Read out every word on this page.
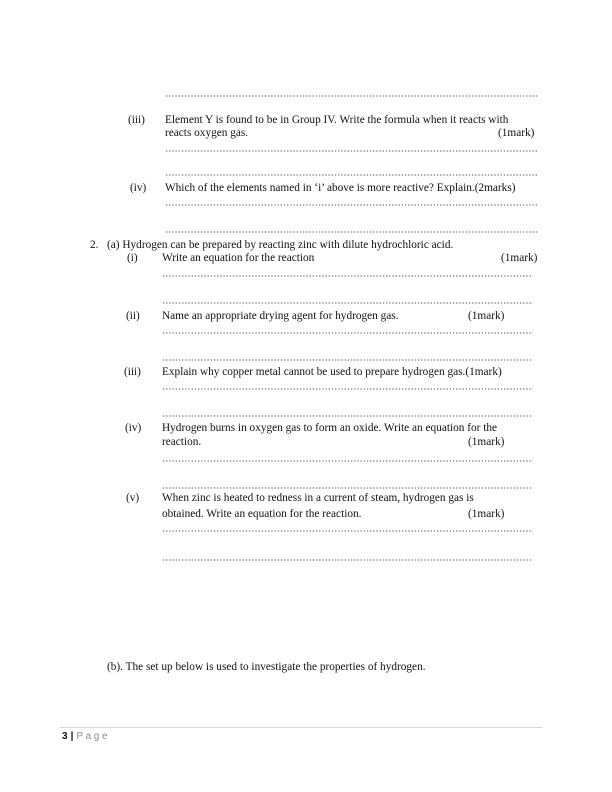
(iii) Element Y is found to be in Group IV. Write the formula when it reacts with
reacts oxygen gas.	(1mark)
(iv) Which of the elements named in ‘i’ above is more reactive? Explain.(2marks)
2. (a) Hydrogen can be prepared by reacting zinc with dilute hydrochloric acid.
(i) Write an equation for the reaction	(1mark)
(ii) Name an appropriate drying agent for hydrogen gas.	(1mark)
(iii) Explain why copper metal cannot be used to prepare hydrogen gas.(1mark)
(iv) Hydrogen burns in oxygen gas to form an oxide. Write an equation for the
reaction.	(1mark)
(v) When zinc is heated to redness in a current of steam, hydrogen gas is
obtained. Write an equation for the reaction.	(1mark)
(b). The set up below is used to investigate the properties of hydrogen.
3 | Page
